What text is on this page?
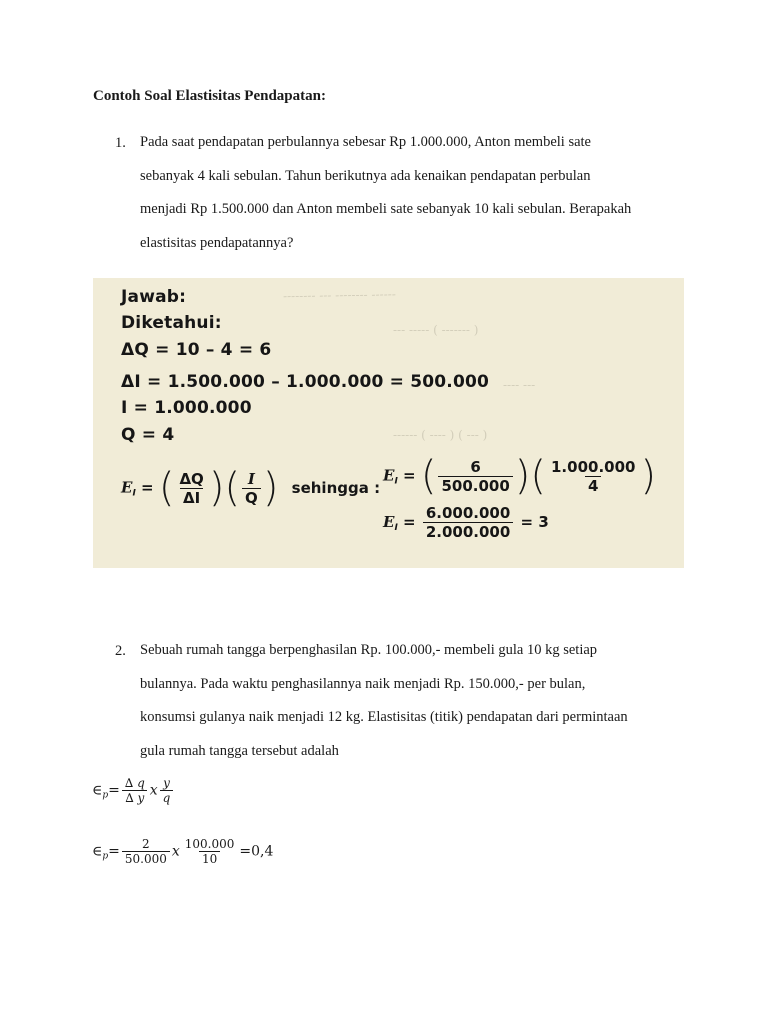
Contoh Soal Elastisitas Pendapatan:
1. Pada saat pendapatan perbulannya sebesar Rp 1.000.000, Anton membeli sate
sebanyak 4 kali sebulan. Tahun berikutnya ada kenaikan pendapatan perbulan
menjadi Rp 1.500.000 dan Anton membeli sate sebanyak 10 kali sebulan. Berapakah
elastisitas pendapatannya?
-------- --- -------- ------
--- ----- ( ------- )
---- ---
------ ( ---- ) ( --- )
Jawab:
Diketahui:
ΔQ = 10 – 4 = 6
ΔI = 1.500.000 – 1.000.000 = 500.000
I = 1.000.000
Q = 4
$E_I$ = ( $\frac{\Delta Q}{\Delta I}$ )( $\frac{I}{Q}$ ) sehingga :
$E_I$ = ( $\frac{6}{500.000}$ )( $\frac{1.000.000}{4}$ )
$E_I = \frac{6.000.000}{2.000.000} = 3$
2. Sebuah rumah tangga berpenghasilan Rp. 100.000,- membeli gula 10 kg setiap
bulannya. Pada waktu penghasilannya naik menjadi Rp. 150.000,- per bulan,
konsumsi gulanya naik menjadi 12 kg. Elastisitas (titik) pendapatan dari permintaan
gula rumah tangga tersebut adalah
$\in_p= \frac{\Delta q}{\Delta y}$ x $\frac{y}{q}$
$\in_p= \frac{2}{50.000}$ x $\frac{100.000}{10} =0,4$
